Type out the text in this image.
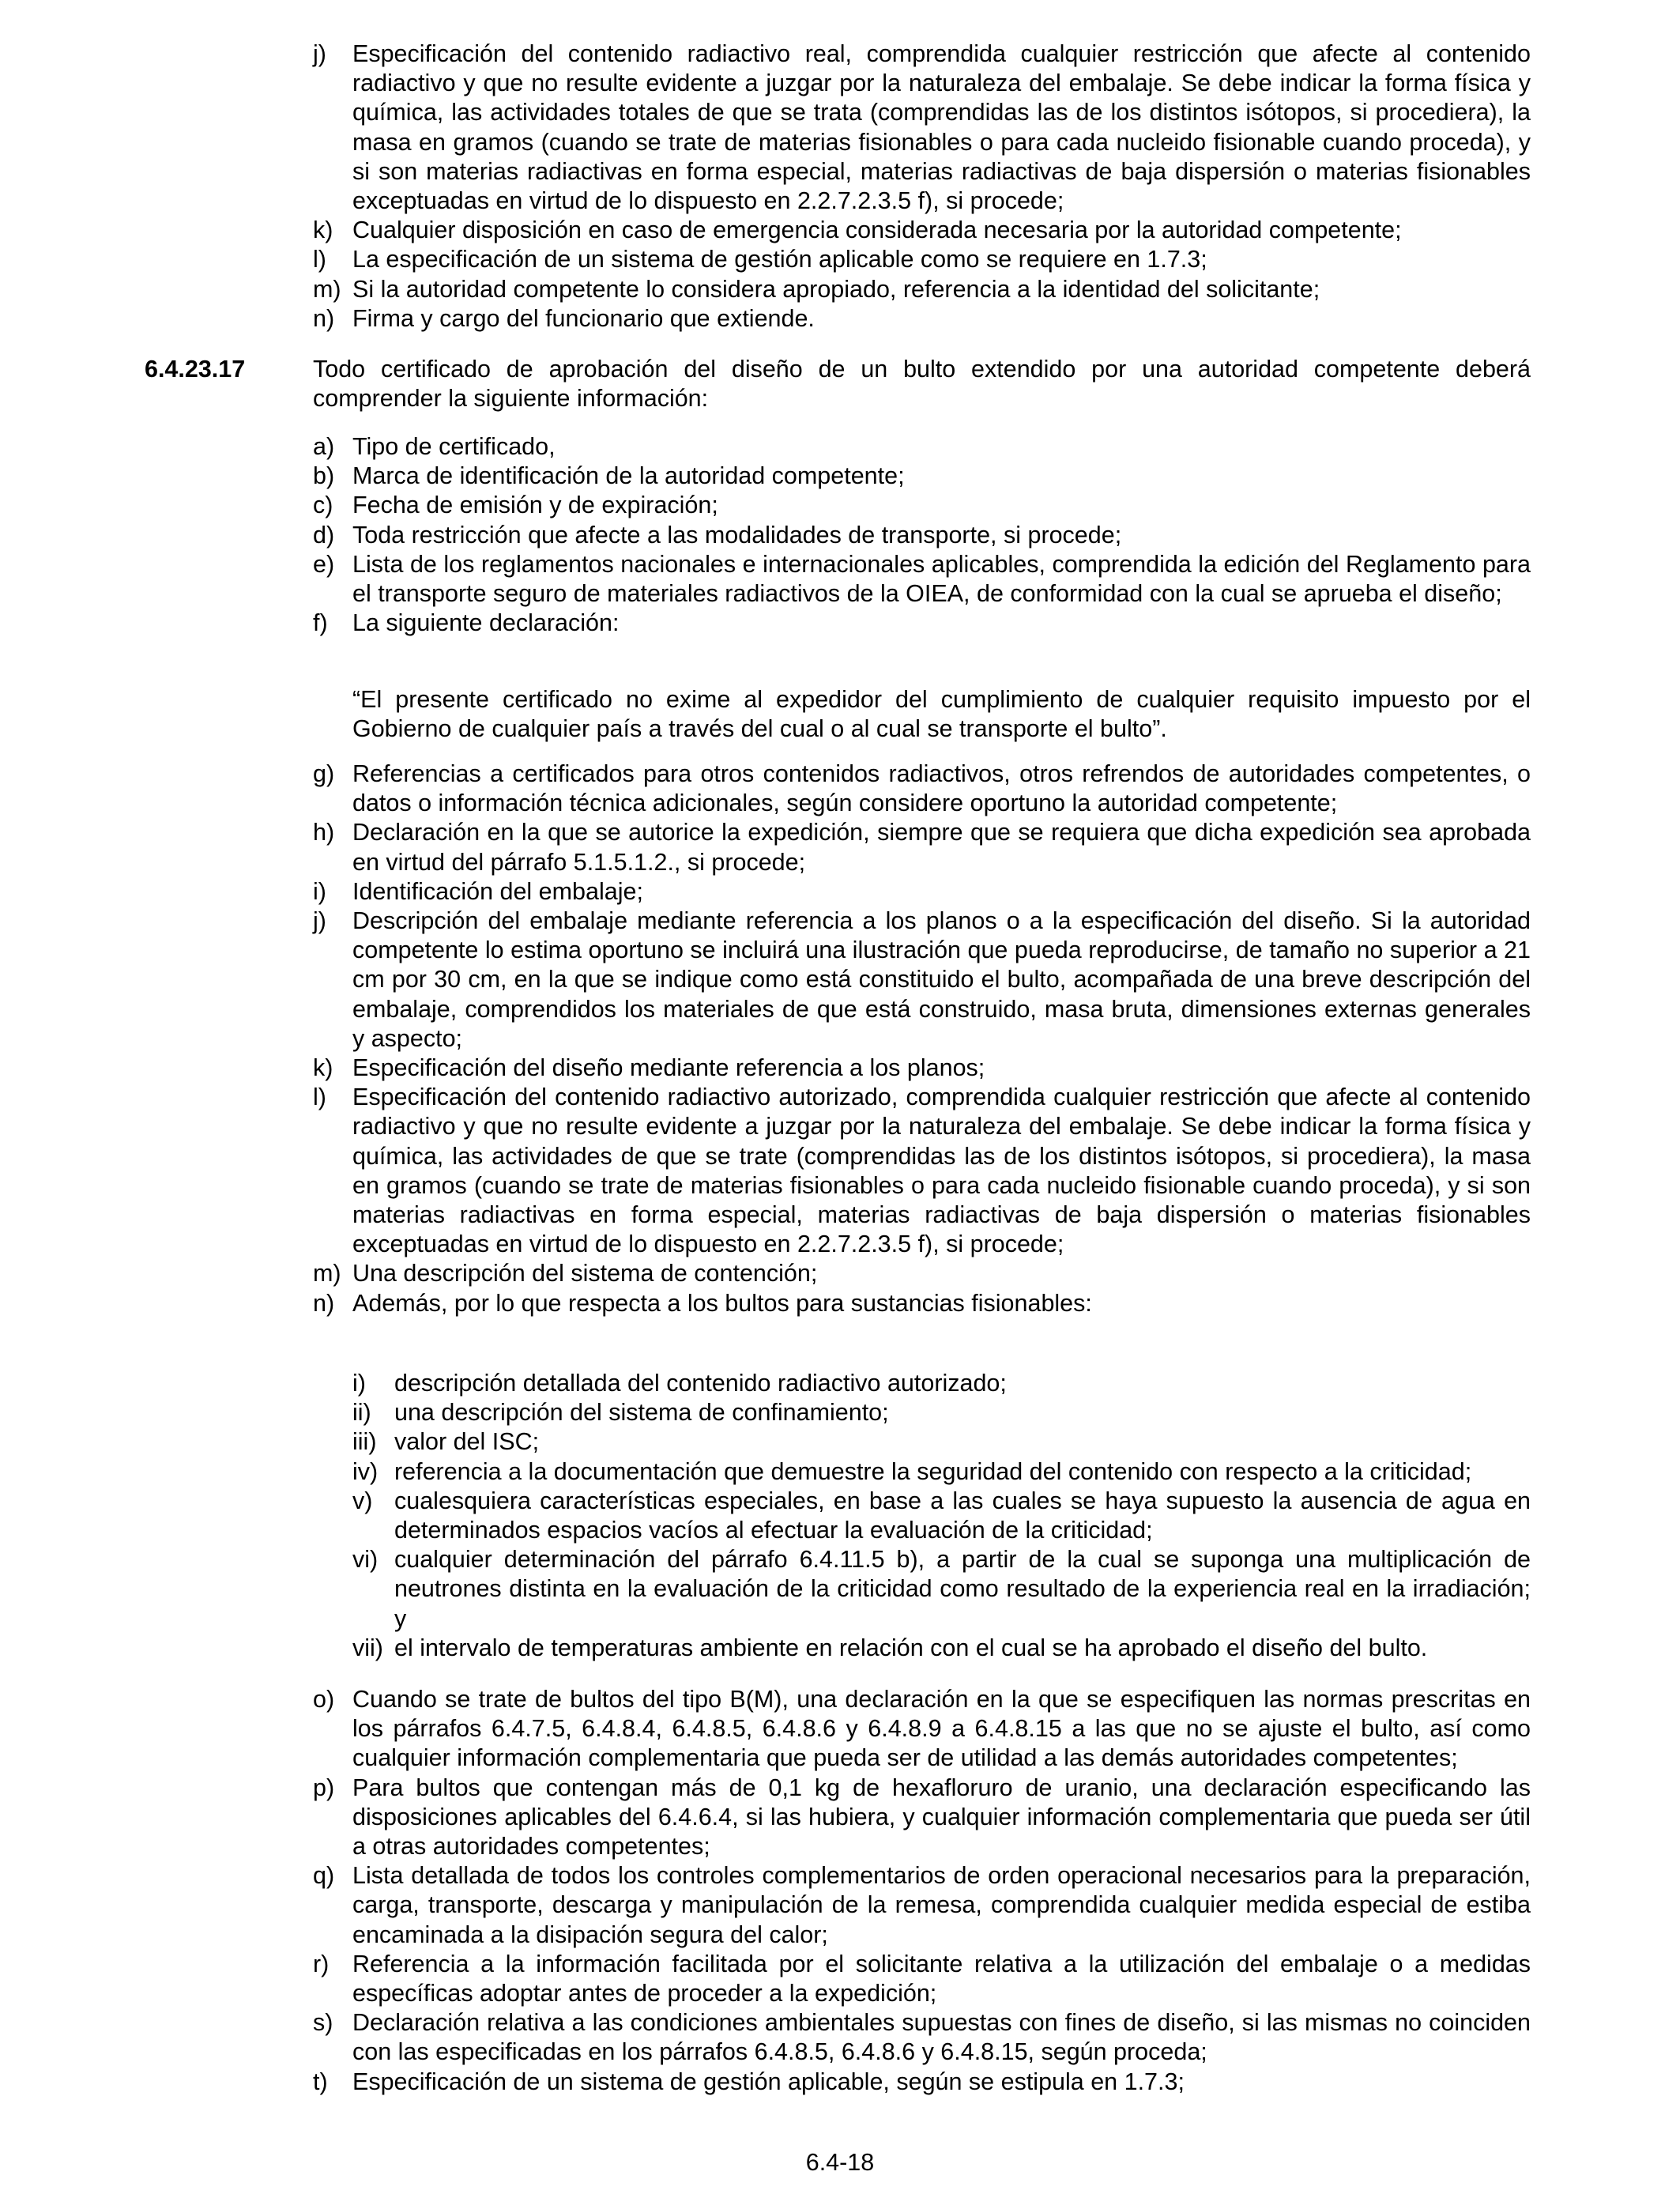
j) Especificación del contenido radiactivo real, comprendida cualquier restricción que afecte al contenido radiactivo y que no resulte evidente a juzgar por la naturaleza del embalaje. Se debe indicar la forma física y química, las actividades totales de que se trata (comprendidas las de los distintos isótopos, si procediera), la masa en gramos (cuando se trate de materias fisionables o para cada nucleido fisionable cuando proceda), y si son materias radiactivas en forma especial, materias radiactivas de baja dispersión o materias fisionables exceptuadas en virtud de lo dispuesto en 2.2.7.2.3.5 f), si procede;
k) Cualquier disposición en caso de emergencia considerada necesaria por la autoridad competente;
l) La especificación de un sistema de gestión aplicable como se requiere en 1.7.3;
m) Si la autoridad competente lo considera apropiado, referencia a la identidad del solicitante;
n) Firma y cargo del funcionario que extiende.
6.4.23.17	Todo certificado de aprobación del diseño de un bulto extendido por una autoridad competente deberá comprender la siguiente información:
a) Tipo de certificado,
b) Marca de identificación de la autoridad competente;
c) Fecha de emisión y de expiración;
d) Toda restricción que afecte a las modalidades de transporte, si procede;
e) Lista de los reglamentos nacionales e internacionales aplicables, comprendida la edición del Reglamento para el transporte seguro de materiales radiactivos de la OIEA, de conformidad con la cual se aprueba el diseño;
f) La siguiente declaración:
“El presente certificado no exime al expedidor del cumplimiento de cualquier requisito impuesto por el Gobierno de cualquier país a través del cual o al cual se transporte el bulto”.
g) Referencias a certificados para otros contenidos radiactivos, otros refrendos de autoridades competentes, o datos o información técnica adicionales, según considere oportuno la autoridad competente;
h) Declaración en la que se autorice la expedición, siempre que se requiera que dicha expedición sea aprobada en virtud del párrafo 5.1.5.1.2., si procede;
i) Identificación del embalaje;
j) Descripción del embalaje mediante referencia a los planos o a la especificación del diseño. Si la autoridad competente lo estima oportuno se incluirá una ilustración que pueda reproducirse, de tamaño no superior a 21 cm por 30 cm, en la que se indique como está constituido el bulto, acompañada de una breve descripción del embalaje, comprendidos los materiales de que está construido, masa bruta, dimensiones externas generales y aspecto;
k) Especificación del diseño mediante referencia a los planos;
l) Especificación del contenido radiactivo autorizado, comprendida cualquier restricción que afecte al contenido radiactivo y que no resulte evidente a juzgar por la naturaleza del embalaje. Se debe indicar la forma física y química, las actividades de que se trate (comprendidas las de los distintos isótopos, si procediera), la masa en gramos (cuando se trate de materias fisionables o para cada nucleido fisionable cuando proceda), y si son materias radiactivas en forma especial, materias radiactivas de baja dispersión o materias fisionables exceptuadas en virtud de lo dispuesto en 2.2.7.2.3.5 f), si procede;
m) Una descripción del sistema de contención;
n) Además, por lo que respecta a los bultos para sustancias fisionables:
i) descripción detallada del contenido radiactivo autorizado;
ii) una descripción del sistema de confinamiento;
iii) valor del ISC;
iv) referencia a la documentación que demuestre la seguridad del contenido con respecto a la criticidad;
v) cualesquiera características especiales, en base a las cuales se haya supuesto la ausencia de agua en determinados espacios vacíos al efectuar la evaluación de la criticidad;
vi) cualquier determinación del párrafo 6.4.11.5 b), a partir de la cual se suponga una multiplicación de neutrones distinta en la evaluación de la criticidad como resultado de la experiencia real en la irradiación; y
vii) el intervalo de temperaturas ambiente en relación con el cual se ha aprobado el diseño del bulto.
o) Cuando se trate de bultos del tipo B(M), una declaración en la que se especifiquen las normas prescritas en los párrafos 6.4.7.5, 6.4.8.4, 6.4.8.5, 6.4.8.6 y 6.4.8.9 a 6.4.8.15 a las que no se ajuste el bulto, así como cualquier información complementaria que pueda ser de utilidad a las demás autoridades competentes;
p) Para bultos que contengan más de 0,1 kg de hexafloruro de uranio, una declaración especificando las disposiciones aplicables del 6.4.6.4, si las hubiera, y cualquier información complementaria que pueda ser útil a otras autoridades competentes;
q) Lista detallada de todos los controles complementarios de orden operacional necesarios para la preparación, carga, transporte, descarga y manipulación de la remesa, comprendida cualquier medida especial de estiba encaminada a la disipación segura del calor;
r) Referencia a la información facilitada por el solicitante relativa a la utilización del embalaje o a medidas específicas adoptar antes de proceder a la expedición;
s) Declaración relativa a las condiciones ambientales supuestas con fines de diseño, si las mismas no coinciden con las especificadas en los párrafos 6.4.8.5, 6.4.8.6 y 6.4.8.15, según proceda;
t) Especificación de un sistema de gestión aplicable, según se estipula en 1.7.3;
6.4-18
